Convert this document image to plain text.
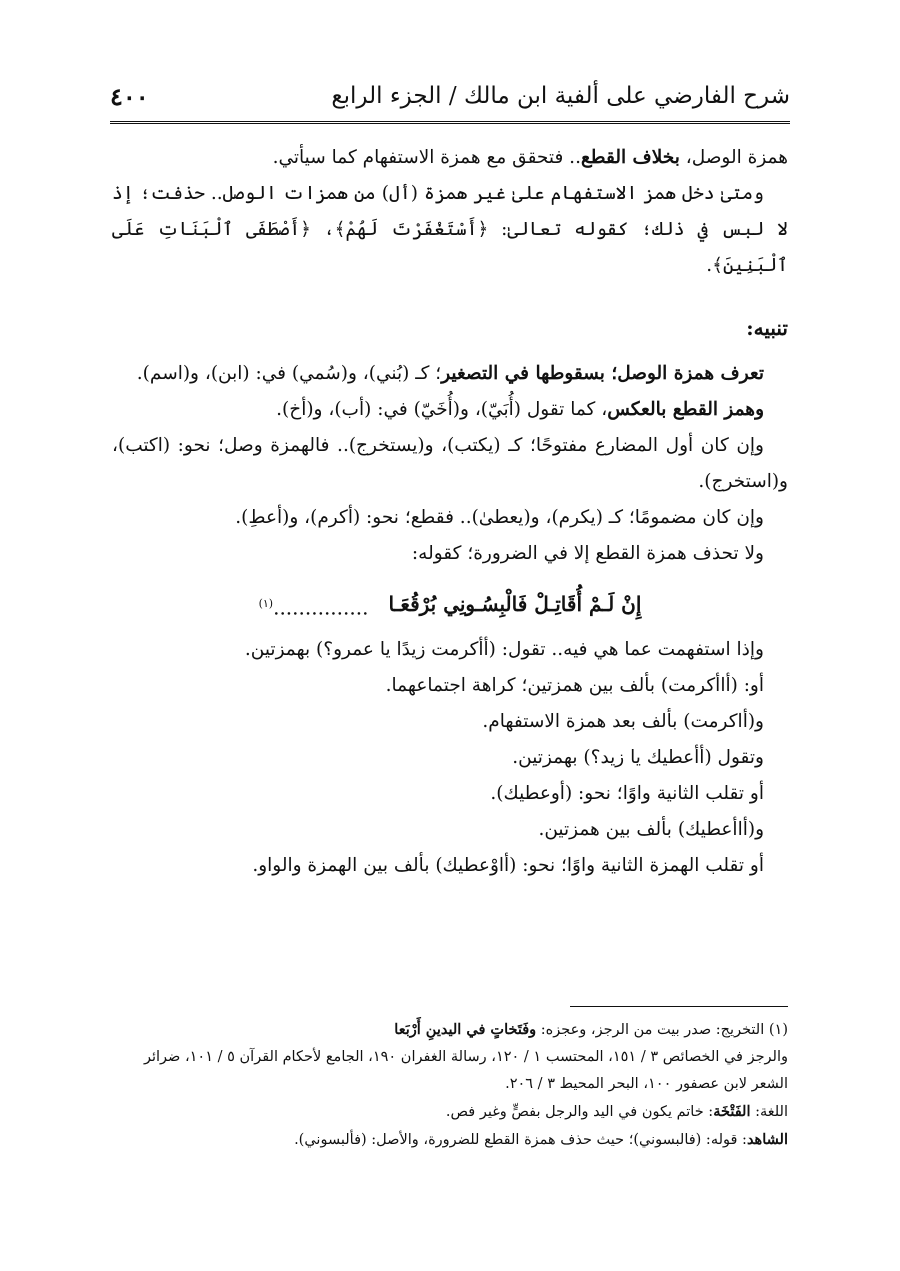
شرح الفارضي على ألفية ابن مالك / الجزء الرابع
٤٠٠

همزة الوصل، بخلاف القطع.. فتحقق مع همزة الاستفهام كما سيأتي.

ومتىٰ دخل همز الاستفهام علىٰ غير همزة (أل) من همزات الوصل.. حذفت؛ إذ لا لبس في ذلك؛ كقوله تعالىٰ: ﴿أَسْتَغْفَرْتَ لَهُمْ﴾، ﴿أَصْطَفَى ٱلْبَنَاتِ عَلَى ٱلْبَنِينَ﴾.

تنبيه:

تعرف همزة الوصل؛ بسقوطها في التصغير؛ كـ (بُني)، و(سُمي) في: (ابن)، و(اسم).

وهمز القطع بالعكس، كما تقول (أُبَيّ)، و(أُخَيّ) في: (أب)، و(أخ).

وإن كان أول المضارع مفتوحًا؛ كـ (يكتب)، و(يستخرج).. فالهمزة وصل؛ نحو: (اكتب)، و(استخرج).

وإن كان مضمومًا؛ كـ (يكرم)، و(يعطىٰ).. فقطع؛ نحو: (أكرم)، و(أعطِ).

ولا تحذف همزة القطع إلا في الضرورة؛ كقوله:

إِنْ لَـمْ أُقَاتِـلْ فَالْبِسُـونِي بُرْقُعَـا
...............$^{(١)}$

وإذا استفهمت عما هي فيه.. تقول: (أأكرمت زيدًا يا عمرو؟) بهمزتين.

أو: (أاأكرمت) بألف بين همزتين؛ كراهة اجتماعهما.

و(أاكرمت) بألف بعد همزة الاستفهام.

وتقول (أأعطيك يا زيد؟) بهمزتين.

أو تقلب الثانية واوًا؛ نحو: (أوعطيك).

و(أاأعطيك) بألف بين همزتين.

أو تقلب الهمزة الثانية واوًا؛ نحو: (أاوْعطيك) بألف بين الهمزة والواو.

(١) التخريج: صدر بيت من الرجز، وعجزه: وفَتَخاتٍ في اليدينِ أَرْبَعا

والرجز في الخصائص ٣ / ١٥١، المحتسب ١ / ١٢٠، رسالة الغفران ١٩٠، الجامع لأحكام القرآن ٥ / ١٠١، ضرائر الشعر لابن عصفور ١٠٠، البحر المحيط ٣ / ٢٠٦.

اللغة: الفَتْخَة: خاتم يكون في اليد والرجل بفصٍّ وغير فص.

الشاهد: قوله: (فالبسوني)؛ حيث حذف همزة القطع للضرورة، والأصل: (فألبسوني).
